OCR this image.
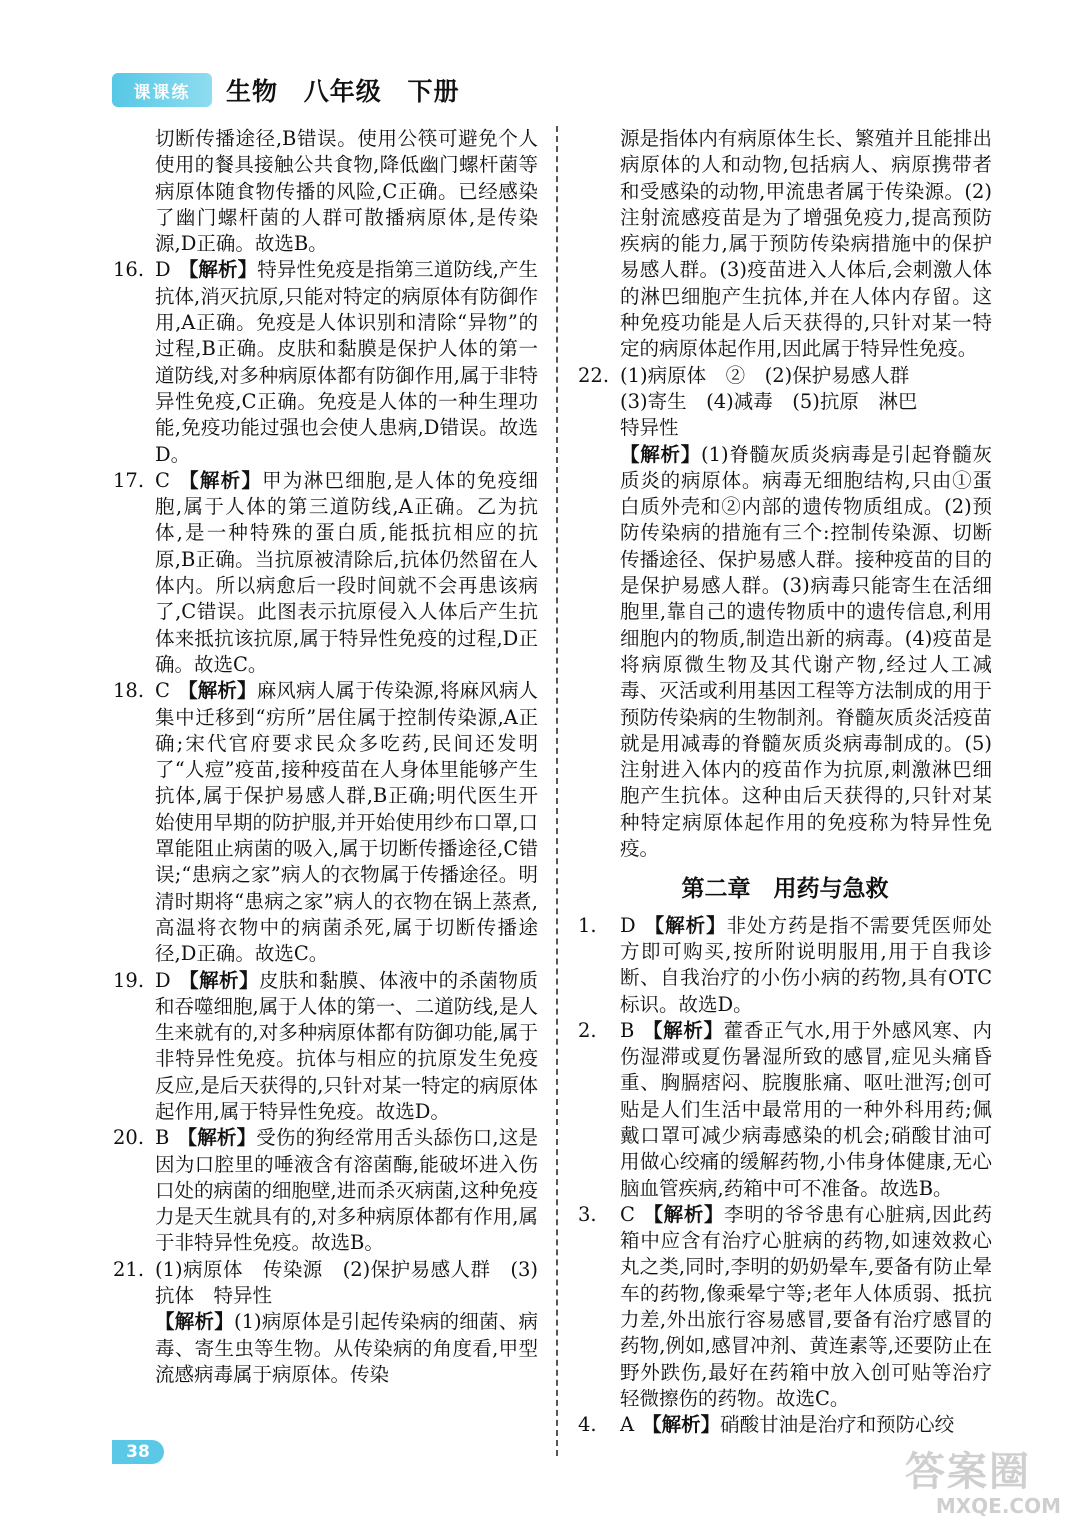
课课练	生物 八年级 下册

切断传播途径,B错误。使用公筷可避免个人使用的餐具接触公共食物,降低幽门螺杆菌等病原体随食物传播的风险,C正确。已经感染了幽门螺杆菌的人群可散播病原体,是传染源,D正确。故选B。

16. D 【解析】特异性免疫是指第三道防线,产生抗体,消灭抗原,只能对特定的病原体有防御作用,A正确。免疫是人体识别和清除“异物”的过程,B正确。皮肤和黏膜是保护人体的第一道防线,对多种病原体都有防御作用,属于非特异性免疫,C正确。免疫是人体的一种生理功能,免疫功能过强也会使人患病,D错误。故选D。

17. C 【解析】甲为淋巴细胞,是人体的免疫细胞,属于人体的第三道防线,A正确。乙为抗体,是一种特殊的蛋白质,能抵抗相应的抗原,B正确。当抗原被清除后,抗体仍然留在人体内。所以病愈后一段时间就不会再患该病了,C错误。此图表示抗原侵入人体后产生抗体来抵抗该抗原,属于特异性免疫的过程,D正确。故选C。

18. C 【解析】麻风病人属于传染源,将麻风病人集中迁移到“疠所”居住属于控制传染源,A正确;宋代官府要求民众多吃药,民间还发明了“人痘”疫苗,接种疫苗在人身体里能够产生抗体,属于保护易感人群,B正确;明代医生开始使用早期的防护服,并开始使用纱布口罩,口罩能阻止病菌的吸入,属于切断传播途径,C错误;“患病之家”病人的衣物属于传播途径。明清时期将“患病之家”病人的衣物在锅上蒸煮,高温将衣物中的病菌杀死,属于切断传播途径,D正确。故选C。

19. D 【解析】皮肤和黏膜、体液中的杀菌物质和吞噬细胞,属于人体的第一、二道防线,是人生来就有的,对多种病原体都有防御功能,属于非特异性免疫。抗体与相应的抗原发生免疫反应,是后天获得的,只针对某一特定的病原体起作用,属于特异性免疫。故选D。

20. B 【解析】受伤的狗经常用舌头舔伤口,这是因为口腔里的唾液含有溶菌酶,能破坏进入伤口处的病菌的细胞壁,进而杀灭病菌,这种免疫力是天生就具有的,对多种病原体都有作用,属于非特异性免疫。故选B。

21. (1)病原体　传染源　(2)保护易感人群　(3)抗体　特异性
【解析】(1)病原体是引起传染病的细菌、病毒、寄生虫等生物。从传染病的角度看,甲型流感病毒属于病原体。传染

源是指体内有病原体生长、繁殖并且能排出病原体的人和动物,包括病人、病原携带者和受感染的动物,甲流患者属于传染源。(2)注射流感疫苗是为了增强免疫力,提高预防疾病的能力,属于预防传染病措施中的保护易感人群。(3)疫苗进入人体后,会刺激人体的淋巴细胞产生抗体,并在人体内存留。这种免疫功能是人后天获得的,只针对某一特定的病原体起作用,因此属于特异性免疫。

22. (1)病原体　②　(2)保护易感人群
(3)寄生　(4)减毒　(5)抗原　淋巴
特异性
【解析】(1)脊髓灰质炎病毒是引起脊髓灰质炎的病原体。病毒无细胞结构,只由①蛋白质外壳和②内部的遗传物质组成。(2)预防传染病的措施有三个:控制传染源、切断传播途径、保护易感人群。接种疫苗的目的是保护易感人群。(3)病毒只能寄生在活细胞里,靠自己的遗传物质中的遗传信息,利用细胞内的物质,制造出新的病毒。(4)疫苗是将病原微生物及其代谢产物,经过人工减毒、灭活或利用基因工程等方法制成的用于预防传染病的生物制剂。脊髓灰质炎活疫苗就是用减毒的脊髓灰质炎病毒制成的。(5)注射进入体内的疫苗作为抗原,刺激淋巴细胞产生抗体。这种由后天获得的,只针对某种特定病原体起作用的免疫称为特异性免疫。
第二章　用药与急救

1. D 【解析】非处方药是指不需要凭医师处方即可购买,按所附说明服用,用于自我诊断、自我治疗的小伤小病的药物,具有OTC标识。故选D。

2. B 【解析】藿香正气水,用于外感风寒、内伤湿滞或夏伤暑湿所致的感冒,症见头痛昏重、胸膈痞闷、脘腹胀痛、呕吐泄泻;创可贴是人们生活中最常用的一种外科用药;佩戴口罩可减少病毒感染的机会;硝酸甘油可用做心绞痛的缓解药物,小伟身体健康,无心脑血管疾病,药箱中可不准备。故选B。

3. C 【解析】李明的爷爷患有心脏病,因此药箱中应含有治疗心脏病的药物,如速效救心丸之类,同时,李明的奶奶晕车,要备有防止晕车的药物,像乘晕宁等;老年人体质弱、抵抗力差,外出旅行容易感冒,要备有治疗感冒的药物,例如,感冒冲剂、黄连素等,还要防止在野外跌伤,最好在药箱中放入创可贴等治疗轻微擦伤的药物。故选C。

4. A 【解析】硝酸甘油是治疗和预防心绞

38	答案圈
MXQE.COM
